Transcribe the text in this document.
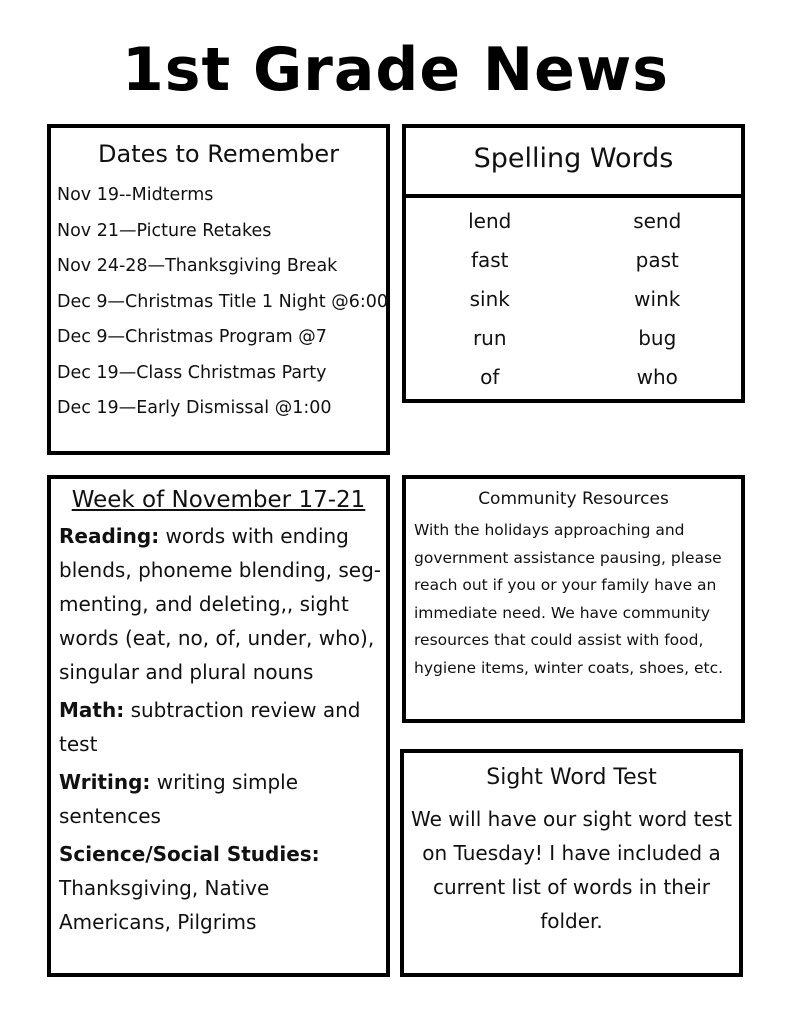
1st Grade News
Dates to Remember
Nov 19--Midterms
Nov 21—Picture Retakes
Nov 24-28—Thanksgiving Break
Dec 9—Christmas Title 1 Night @6:00
Dec 9—Christmas Program @7
Dec 19—Class Christmas Party
Dec 19—Early Dismissal @1:00
Spelling Words
lend	send
fast	past
sink	wink
run	bug
of	who
Week of November 17-21
Reading: words with ending blends, phoneme blending, seg-menting, and deleting,, sight words (eat, no, of, under, who), singular and plural nouns
Math: subtraction review and test
Writing: writing simple sentences
Science/Social Studies:
Thanksgiving, Native Americans, Pilgrims
Community Resources
With the holidays approaching and government assistance pausing, please reach out if you or your family have an immediate need. We have community resources that could assist with food, hygiene items, winter coats, shoes, etc.
Sight Word Test
We will have our sight word test on Tuesday! I have included a current list of words in their folder.
